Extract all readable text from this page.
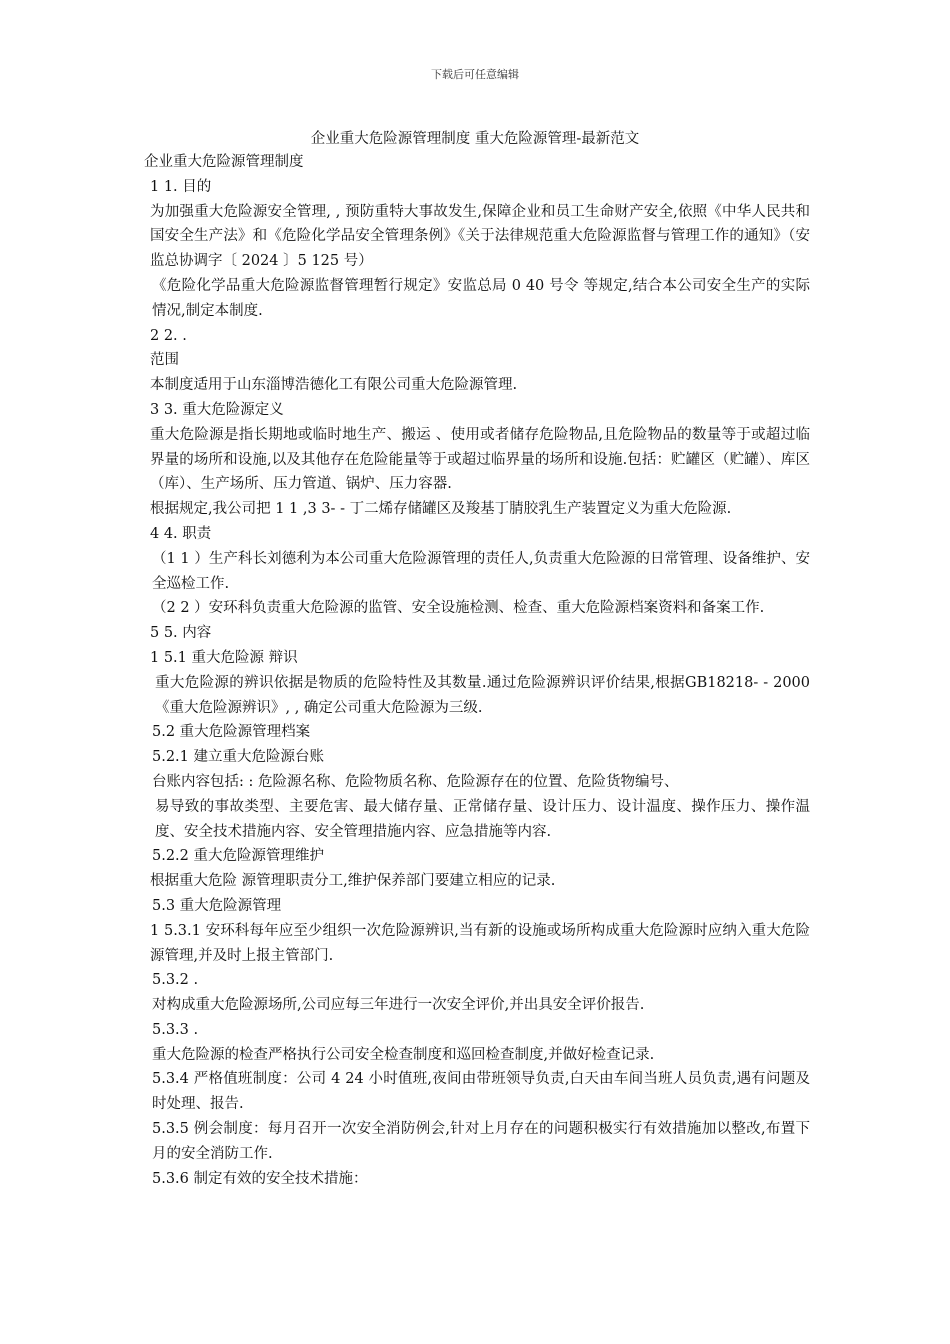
下载后可任意编辑
企业重大危险源管理制度 重大危险源管理-最新范文

企业重大危险源管理制度

1 1. 目的

为加强重大危险源安全管理, , 预防重特大事故发生,保障企业和员工生命财产安全,依照《中华人民共和国安全生产法》和《危险化学品安全管理条例》《关于法律规范重大危险源监督与管理工作的通知》（安监总协调字〔 2024 〕5 125 号）

《危险化学品重大危险源监督管理暂行规定》安监总局 0 40 号令 等规定,结合本公司安全生产的实际情况,制定本制度.

2 2. .

范围

本制度适用于山东淄博浩德化工有限公司重大危险源管理.

3 3. 重大危险源定义

重大危险源是指长期地或临时地生产、搬运 、使用或者储存危险物品,且危险物品的数量等于或超过临界量的场所和设施,以及其他存在危险能量等于或超过临界量的场所和设施.包括：贮罐区（贮罐）、库区（库）、生产场所、压力管道、锅炉、压力容器.

根据规定,我公司把 1 1 ,3 3- - 丁二烯存储罐区及羧基丁腈胶乳生产装置定义为重大危险源.

4 4. 职责

（1 1 ）生产科长刘德利为本公司重大危险源管理的责任人,负责重大危险源的日常管理、设备维护、安全巡检工作.

（2 2 ）安环科负责重大危险源的监管、安全设施检测、检查、重大危险源档案资料和备案工作.

5 5. 内容

1 5.1 重大危险源 辩识

重大危险源的辨识依据是物质的危险特性及其数量.通过危险源辨识评价结果,根据GB18218- - 2000 《重大危险源辨识》, , 确定公司重大危险源为三级.

5.2 重大危险源管理档案

5.2.1 建立重大危险源台账

台账内容包括: : 危险源名称、危险物质名称、危险源存在的位置、危险货物编号、

易导致的事故类型、主要危害、最大储存量、正常储存量、设计压力、设计温度、操作压力、操作温度、安全技术措施内容、安全管理措施内容、应急措施等内容.

5.2.2 重大危险源管理维护

根据重大危险 源管理职责分工,维护保养部门要建立相应的记录.

5.3 重大危险源管理

1 5.3.1 安环科每年应至少组织一次危险源辨识,当有新的设施或场所构成重大危险源时应纳入重大危险源管理,并及时上报主管部门.

5.3.2 .

对构成重大危险源场所,公司应每三年进行一次安全评价,并出具安全评价报告.

5.3.3 .

重大危险源的检查严格执行公司安全检查制度和巡回检查制度,并做好检查记录.

5.3.4 严格值班制度：公司 4 24 小时值班,夜间由带班领导负责,白天由车间当班人员负责,遇有问题及时处理、报告.

5.3.5 例会制度：每月召开一次安全消防例会,针对上月存在的问题积极实行有效措施加以整改,布置下月的安全消防工作.

5.3.6 制定有效的安全技术措施：
